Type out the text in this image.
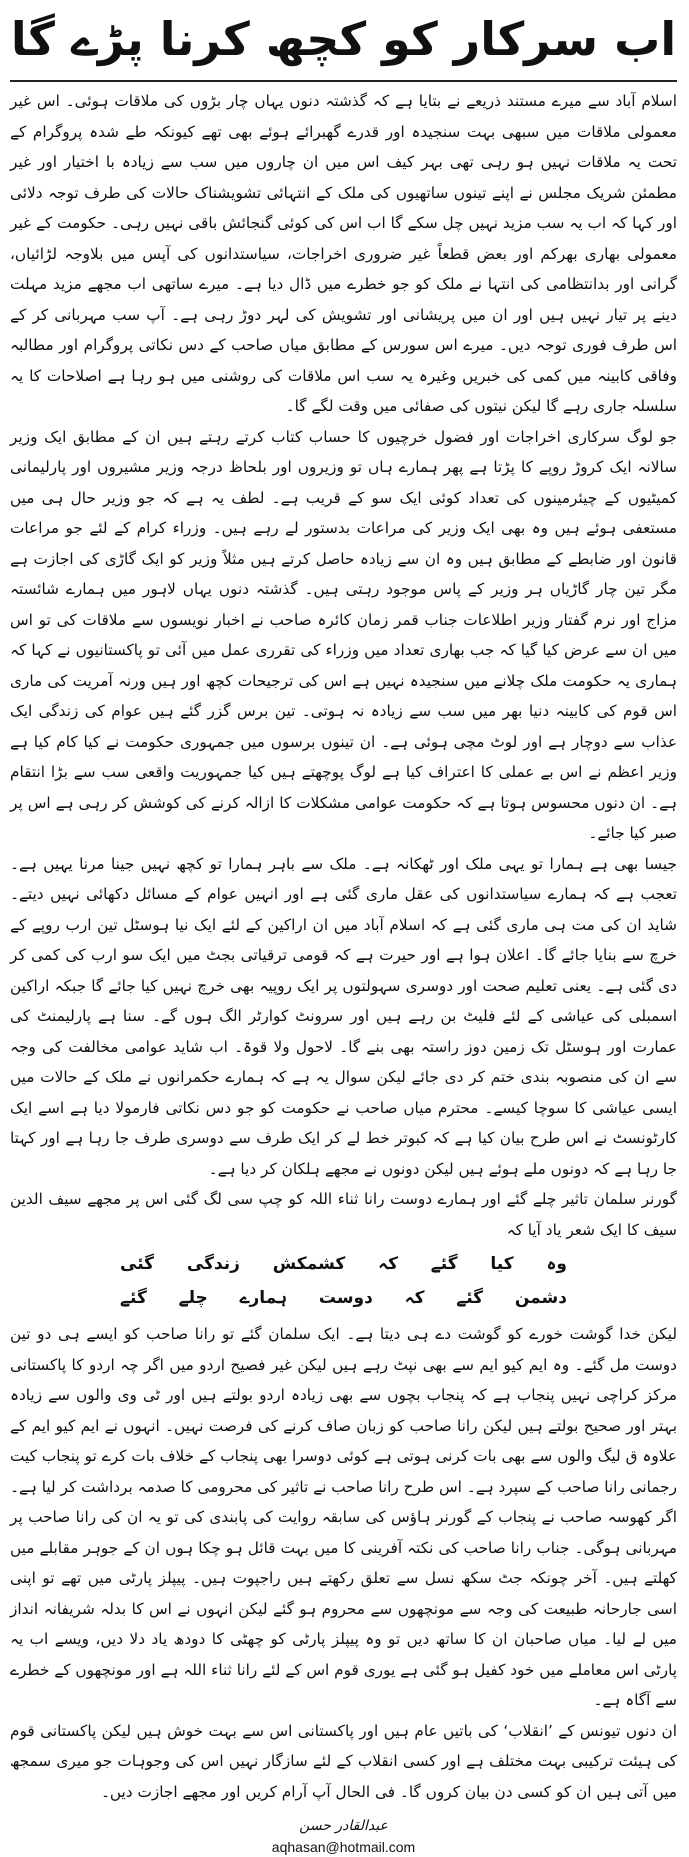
اب سرکار کو کچھ کرنا پڑے گا

اسلام آباد سے میرے مستند ذریعے نے بتایا ہے کہ گذشتہ دنوں یہاں چار بڑوں کی ملاقات ہوئی۔ اس غیر معمولی ملاقات میں سبھی بہت سنجیدہ اور قدرے گھبرائے ہوئے بھی تھے کیونکہ طے شدہ پروگرام کے تحت یہ ملاقات نہیں ہو رہی تھی بہر کیف اس میں ان چاروں میں سب سے زیادہ با اختیار اور غیر مطمئن شریک مجلس نے اپنے تینوں ساتھیوں کی ملک کے انتہائی تشویشناک حالات کی طرف توجہ دلائی اور کہا کہ اب یہ سب مزید نہیں چل سکے گا اب اس کی کوئی گنجائش باقی نہیں رہی۔ حکومت کے غیر معمولی بھاری بھرکم اور بعض قطعاً غیر ضروری اخراجات، سیاستدانوں کی آپس میں بلاوجہ لڑائیاں، گرانی اور بدانتظامی کی انتہا نے ملک کو جو خطرے میں ڈال دیا ہے۔ میرے ساتھی اب مجھے مزید مہلت دینے پر تیار نہیں ہیں اور ان میں پریشانی اور تشویش کی لہر دوڑ رہی ہے۔ آپ سب مہربانی کر کے اس طرف فوری توجہ دیں۔ میرے اس سورس کے مطابق میاں صاحب کے دس نکاتی پروگرام اور مطالبہ وفاقی کابینہ میں کمی کی خبریں وغیرہ یہ سب اس ملاقات کی روشنی میں ہو رہا ہے اصلاحات کا یہ سلسلہ جاری رہے گا لیکن نیتوں کی صفائی میں وقت لگے گا۔

جو لوگ سرکاری اخراجات اور فضول خرچیوں کا حساب کتاب کرتے رہتے ہیں ان کے مطابق ایک وزیر سالانہ ایک کروڑ روپے کا پڑتا ہے پھر ہمارے ہاں تو وزیروں اور بلحاظ درجہ وزیر مشیروں اور پارلیمانی کمیٹیوں کے چیئرمینوں کی تعداد کوئی ایک سو کے قریب ہے۔ لطف یہ ہے کہ جو وزیر حال ہی میں مستعفی ہوئے ہیں وہ بھی ایک وزیر کی مراعات بدستور لے رہے ہیں۔ وزراء کرام کے لئے جو مراعات قانون اور ضابطے کے مطابق ہیں وہ ان سے زیادہ حاصل کرتے ہیں مثلاً وزیر کو ایک گاڑی کی اجازت ہے مگر تین چار گاڑیاں ہر وزیر کے پاس موجود رہتی ہیں۔ گذشتہ دنوں یہاں لاہور میں ہمارے شائستہ مزاج اور نرم گفتار وزیر اطلاعات جناب قمر زمان کائرہ صاحب نے اخبار نویسوں سے ملاقات کی تو اس میں ان سے عرض کیا گیا کہ جب بھاری تعداد میں وزراء کی تقرری عمل میں آئی تو پاکستانیوں نے کہا کہ ہماری یہ حکومت ملک چلانے میں سنجیدہ نہیں ہے اس کی ترجیحات کچھ اور ہیں ورنہ آمریت کی ماری اس قوم کی کابینہ دنیا بھر میں سب سے زیادہ نہ ہوتی۔ تین برس گزر گئے ہیں عوام کی زندگی ایک عذاب سے دوچار ہے اور لوٹ مچی ہوئی ہے۔ ان تینوں برسوں میں جمہوری حکومت نے کیا کام کیا ہے وزیر اعظم نے اس بے عملی کا اعتراف کیا ہے لوگ پوچھتے ہیں کیا جمہوریت واقعی سب سے بڑا انتقام ہے۔ ان دنوں محسوس ہوتا ہے کہ حکومت عوامی مشکلات کا ازالہ کرنے کی کوشش کر رہی ہے اس پر صبر کیا جائے۔

جیسا بھی ہے ہمارا تو یہی ملک اور ٹھکانہ ہے۔ ملک سے باہر ہمارا تو کچھ نہیں جینا مرنا یہیں ہے۔ تعجب ہے کہ ہمارے سیاستدانوں کی عقل ماری گئی ہے اور انہیں عوام کے مسائل دکھائی نہیں دیتے۔ شاید ان کی مت ہی ماری گئی ہے کہ اسلام آباد میں ان اراکین کے لئے ایک نیا ہوسٹل تین ارب روپے کے خرچ سے بنایا جائے گا۔ اعلان ہوا ہے اور حیرت ہے کہ قومی ترقیاتی بجٹ میں ایک سو ارب کی کمی کر دی گئی ہے۔ یعنی تعلیم صحت اور دوسری سہولتوں پر ایک روپیہ بھی خرچ نہیں کیا جائے گا جبکہ اراکین اسمبلی کی عیاشی کے لئے فلیٹ بن رہے ہیں اور سرونٹ کوارٹر الگ ہوں گے۔ سنا ہے پارلیمنٹ کی عمارت اور ہوسٹل تک زمین دوز راستہ بھی بنے گا۔ لاحول ولا قوۃ۔ اب شاید عوامی مخالفت کی وجہ سے ان کی منصوبہ بندی ختم کر دی جائے لیکن سوال یہ ہے کہ ہمارے حکمرانوں نے ملک کے حالات میں ایسی عیاشی کا سوچا کیسے۔ محترم میاں صاحب نے حکومت کو جو دس نکاتی فارمولا دیا ہے اسے ایک کارٹونسٹ نے اس طرح بیان کیا ہے کہ کبوتر خط لے کر ایک طرف سے دوسری طرف جا رہا ہے اور کہتا جا رہا ہے کہ دونوں ملے ہوئے ہیں لیکن دونوں نے مجھے ہلکان کر دیا ہے۔

گورنر سلمان تاثیر چلے گئے اور ہمارے دوست رانا ثناء اللہ کو چپ سی لگ گئی اس پر مجھے سیف الدین سیف کا ایک شعر یاد آیا کہ

وہ
کیا
گئے
کہ
کشمکش
زندگی
گئی
دشمن
گئے
کہ
دوست
ہمارے
چلے
گئے

لیکن خدا گوشت خورے کو گوشت دے ہی دیتا ہے۔ ایک سلمان گئے تو رانا صاحب کو ایسے ہی دو تین دوست مل گئے۔ وہ ایم کیو ایم سے بھی نپٹ رہے ہیں لیکن غیر فصیح اردو میں اگر چہ اردو کا پاکستانی مرکز کراچی نہیں پنجاب ہے کہ پنجاب بچوں سے بھی زیادہ اردو بولتے ہیں اور ٹی وی والوں سے زیادہ بہتر اور صحیح بولتے ہیں لیکن رانا صاحب کو زبان صاف کرنے کی فرصت نہیں۔ انہوں نے ایم کیو ایم کے علاوہ ق لیگ والوں سے بھی بات کرنی ہوتی ہے کوئی دوسرا بھی پنجاب کے خلاف بات کرے تو پنجاب کیت رجمانی رانا صاحب کے سپرد ہے۔ اس طرح رانا صاحب نے تاثیر کی محرومی کا صدمہ برداشت کر لیا ہے۔ اگر کھوسہ صاحب نے پنجاب کے گورنر ہاؤس کی سابقہ روایت کی پابندی کی تو یہ ان کی رانا صاحب پر مہربانی ہوگی۔ جناب رانا صاحب کی نکتہ آفرینی کا میں بہت قائل ہو چکا ہوں ان کے جوہر مقابلے میں کھلتے ہیں۔ آخر چونکہ جٹ سکھ نسل سے تعلق رکھتے ہیں راجپوت ہیں۔ پیپلز پارٹی میں تھے تو اپنی اسی جارحانہ طبیعت کی وجہ سے مونچھوں سے محروم ہو گئے لیکن انہوں نے اس کا بدلہ شریفانہ انداز میں لے لیا۔ میاں صاحبان ان کا ساتھ دیں تو وہ پیپلز پارٹی کو چھٹی کا دودھ یاد دلا دیں، ویسے اب یہ پارٹی اس معاملے میں خود کفیل ہو گئی ہے یوری قوم اس کے لئے رانا ثناء اللہ ہے اور مونچھوں کے خطرے سے آگاہ ہے۔

ان دنوں تیونس کے ’انقلاب‘ کی باتیں عام ہیں اور پاکستانی اس سے بہت خوش ہیں لیکن پاکستانی قوم کی ہیئت ترکیبی بہت مختلف ہے اور کسی انقلاب کے لئے سازگار نہیں اس کی وجوہات جو میری سمجھ میں آتی ہیں ان کو کسی دن بیان کروں گا۔ فی الحال آپ آرام کریں اور مجھے اجازت دیں۔

عبدالقادر حسن
aqhasan@hotmail.com
